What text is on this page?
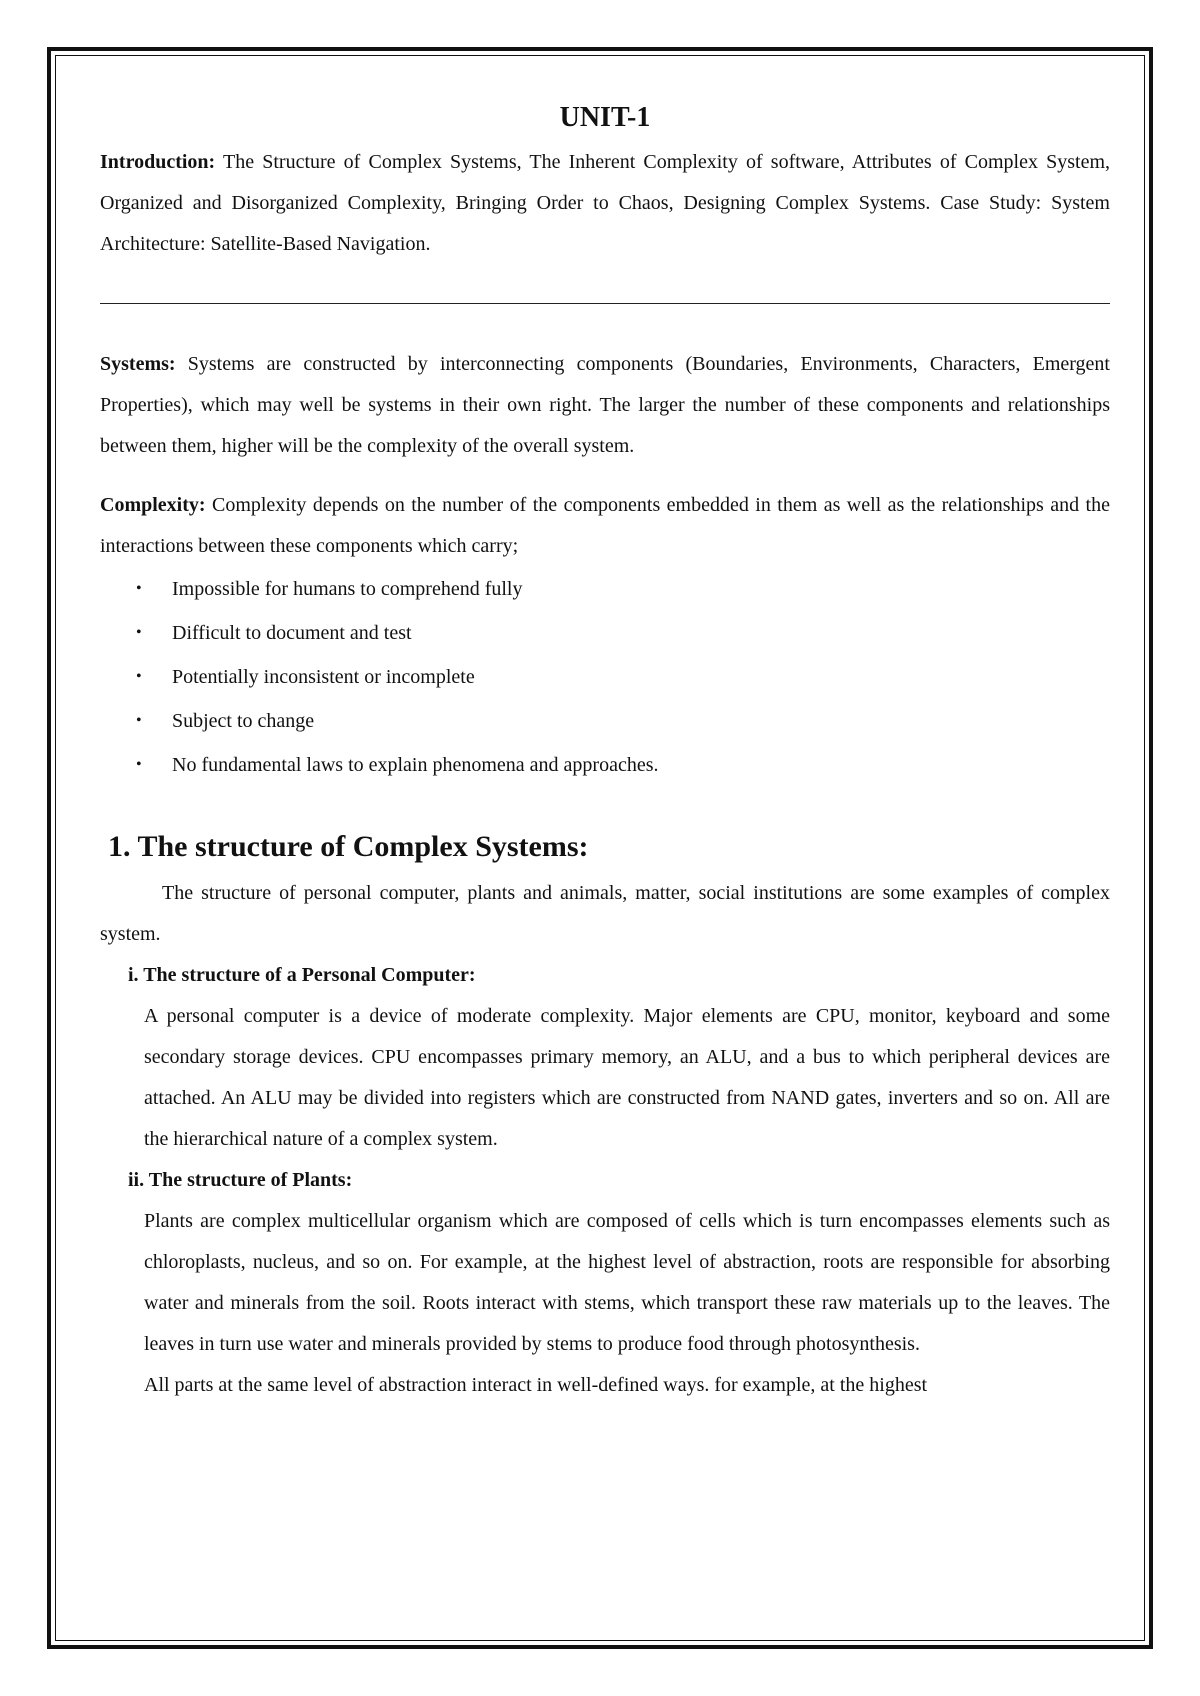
UNIT-1

Introduction: The Structure of Complex Systems, The Inherent Complexity of software, Attributes of Complex System, Organized and Disorganized Complexity, Bringing Order to Chaos, Designing Complex Systems. Case Study: System Architecture: Satellite-Based Navigation.

Systems: Systems are constructed by interconnecting components (Boundaries, Environments, Characters, Emergent Properties), which may well be systems in their own right. The larger the number of these components and relationships between them, higher will be the complexity of the overall system.

Complexity: Complexity depends on the number of the components embedded in them as well as the relationships and the interactions between these components which carry;

• Impossible for humans to comprehend fully
• Difficult to document and test
• Potentially inconsistent or incomplete
• Subject to change
• No fundamental laws to explain phenomena and approaches.
1. The structure of Complex Systems:

The structure of personal computer, plants and animals, matter, social institutions are some examples of complex system.

i. The structure of a Personal Computer:

A personal computer is a device of moderate complexity. Major elements are CPU, monitor, keyboard and some secondary storage devices. CPU encompasses primary memory, an ALU, and a bus to which peripheral devices are attached. An ALU may be divided into registers which are constructed from NAND gates, inverters and so on. All are the hierarchical nature of a complex system.

ii. The structure of Plants:

Plants are complex multicellular organism which are composed of cells which is turn encompasses elements such as chloroplasts, nucleus, and so on. For example, at the highest level of abstraction, roots are responsible for absorbing water and minerals from the soil. Roots interact with stems, which transport these raw materials up to the leaves. The leaves in turn use water and minerals provided by stems to produce food through photosynthesis.

All parts at the same level of abstraction interact in well-defined ways. for example, at the highest
